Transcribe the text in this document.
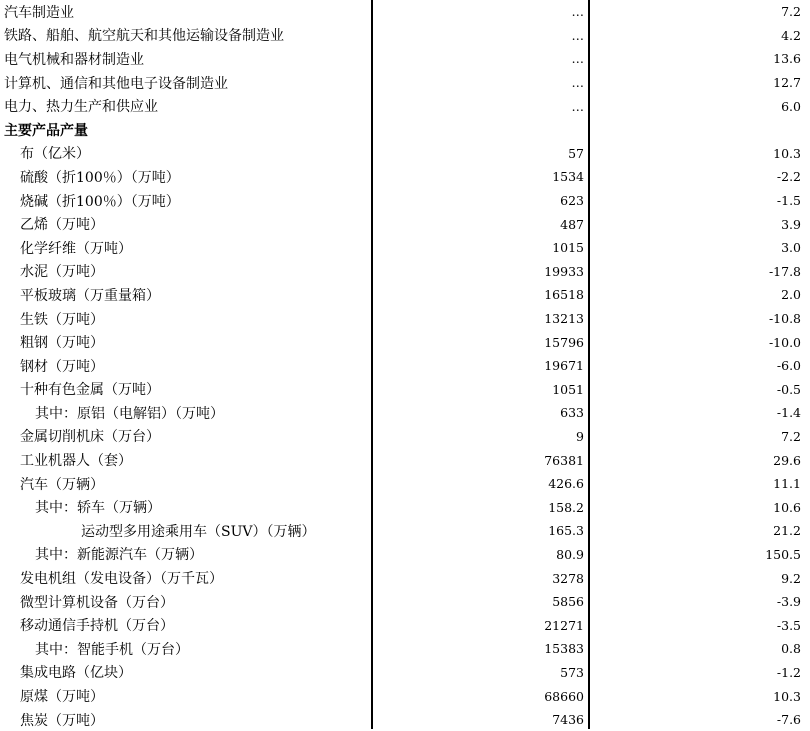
汽车制造业	…	7.2
铁路、船舶、航空航天和其他运输设备制造业	…	4.2
电气机械和器材制造业	…	13.6
计算机、通信和其他电子设备制造业	…	12.7
电力、热力生产和供应业	…	6.0
主要产品产量
布（亿米）	57	10.3
硫酸（折100％）（万吨）	1534	-2.2
烧碱（折100％）（万吨）	623	-1.5
乙烯（万吨）	487	3.9
化学纤维（万吨）	1015	3.0
水泥（万吨）	19933	-17.8
平板玻璃（万重量箱）	16518	2.0
生铁（万吨）	13213	-10.8
粗钢（万吨）	15796	-10.0
钢材（万吨）	19671	-6.0
十种有色金属（万吨）	1051	-0.5
其中：原铝（电解铝）（万吨）	633	-1.4
金属切削机床（万台）	9	7.2
工业机器人（套）	76381	29.6
汽车（万辆）	426.6	11.1
其中：轿车（万辆）	158.2	10.6
运动型多用途乘用车（SUV）（万辆）	165.3	21.2
其中：新能源汽车（万辆）	80.9	150.5
发电机组（发电设备）（万千瓦）	3278	9.2
微型计算机设备（万台）	5856	-3.9
移动通信手持机（万台）	21271	-3.5
其中：智能手机（万台）	15383	0.8
集成电路（亿块）	573	-1.2
原煤（万吨）	68660	10.3
焦炭（万吨）	7436	-7.6
